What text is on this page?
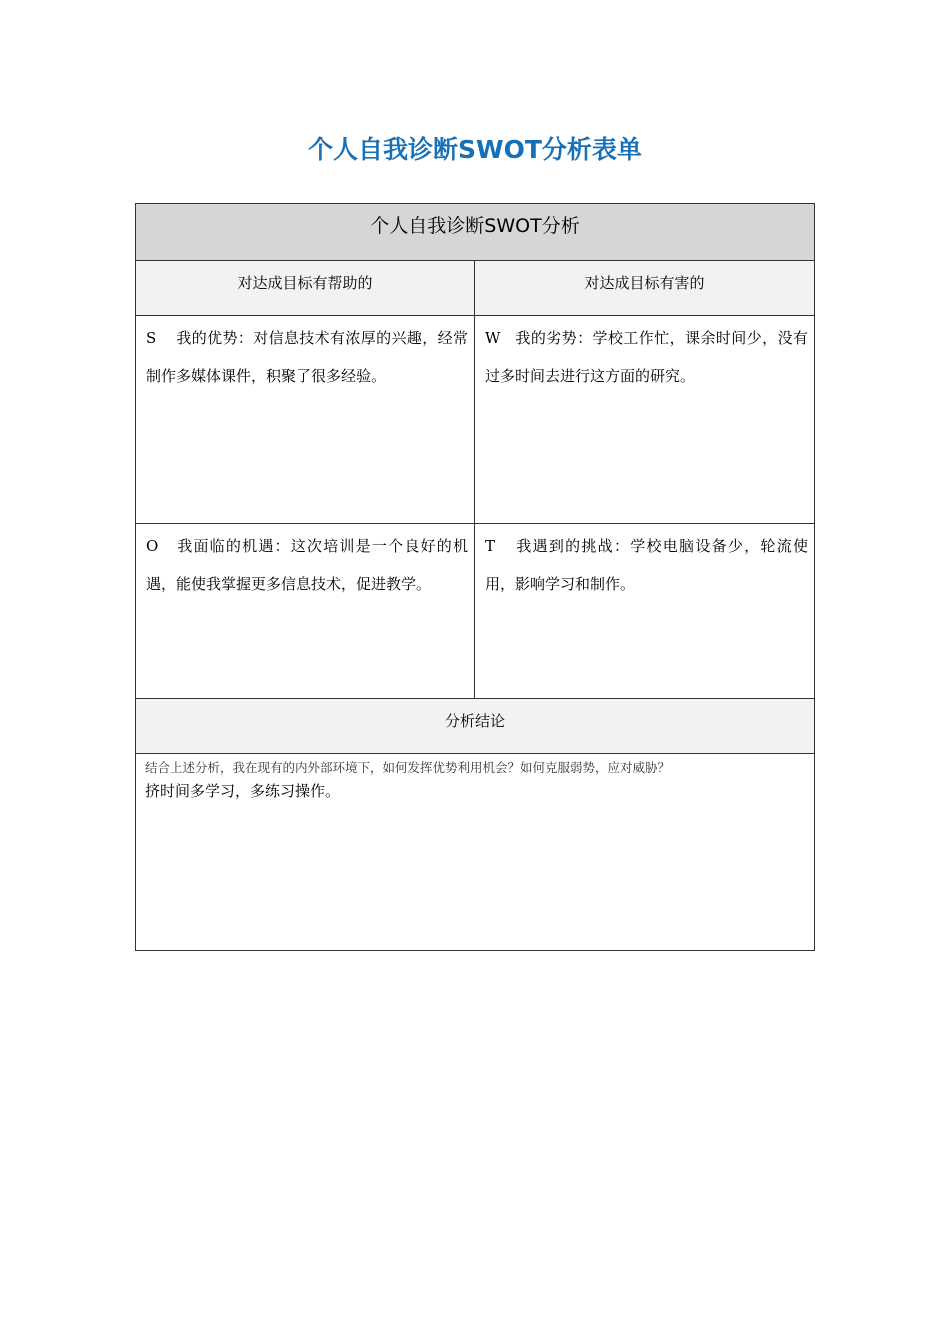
个人自我诊断SWOT分析表单
个人自我诊断SWOT分析
对达成目标有帮助的	对达成目标有害的
S 我的优势：对信息技术有浓厚的兴趣，经常制作多媒体课件，积聚了很多经验。
W 我的劣势：学校工作忙，课余时间少，没有过多时间去进行这方面的研究。
O 我面临的机遇：这次培训是一个良好的机遇，能使我掌握更多信息技术，促进教学。
T 我遇到的挑战：学校电脑设备少，轮流使用，影响学习和制作。
分析结论
结合上述分析，我在现有的内外部环境下，如何发挥优势利用机会？如何克服弱势，应对威胁？
挤时间多学习，多练习操作。
